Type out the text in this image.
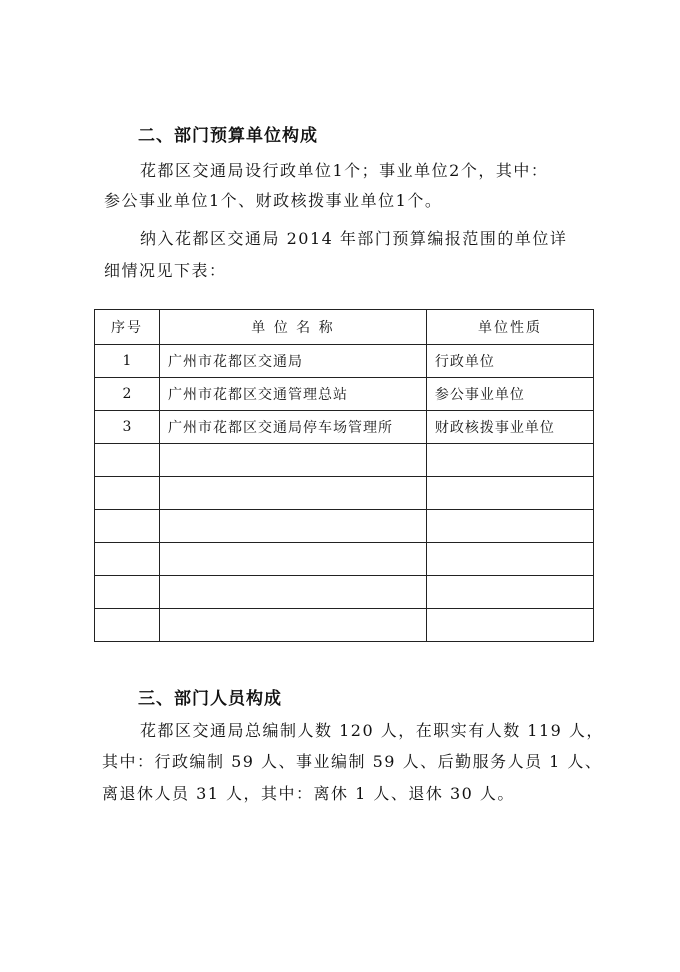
二、部门预算单位构成
花都区交通局设行政单位1个；事业单位2个，其中：
参公事业单位1个、财政核拨事业单位1个。
纳入花都区交通局 2014 年部门预算编报范围的单位详
细情况见下表：
序号	单 位 名 称	单位性质
1	广州市花都区交通局	行政单位
2	广州市花都区交通管理总站	参公事业单位
3	广州市花都区交通局停车场管理所	财政核拨事业单位

三、部门人员构成
花都区交通局总编制人数 120 人，在职实有人数 119 人，
其中：行政编制 59 人、事业编制 59 人、后勤服务人员 1 人、
离退休人员 31 人，其中：离休 1 人、退休 30 人。
